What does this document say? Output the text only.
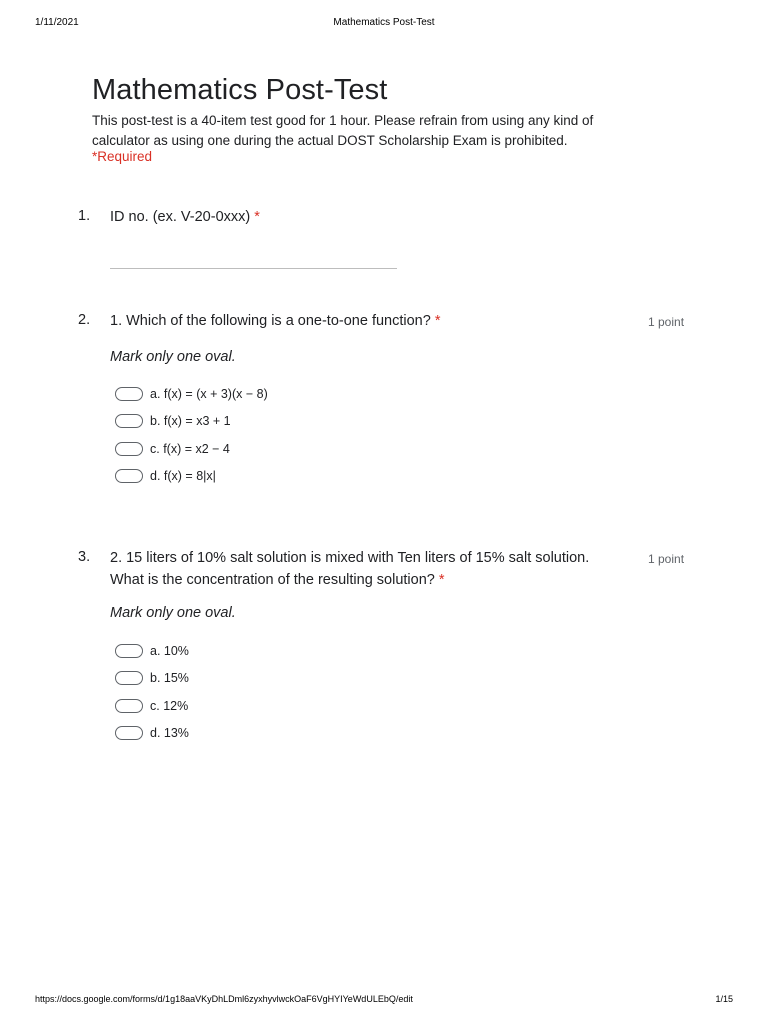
1/11/2021	Mathematics Post-Test
Mathematics Post-Test

This post-test is a 40-item test good for 1 hour. Please refrain from using any kind of calculator as using one during the actual DOST Scholarship Exam is prohibited.

*Required
1. ID no. (ex. V-20-0xxx) *
2. 1. Which of the following is a one-to-one function? *	1 point
Mark only one oval.
a. f(x) = (x + 3)(x − 8)
b. f(x) = x3 + 1
c. f(x) = x2 − 4
d. f(x) = 8|x|
3. 2. 15 liters of 10% salt solution is mixed with Ten liters of 15% salt solution.
What is the concentration of the resulting solution? *
1 point
Mark only one oval.
a. 10%
b. 15%
c. 12%
d. 13%
https://docs.google.com/forms/d/1g18aaVKyDhLDml6zyxhyvlwckOaF6VgHYIYeWdULEbQ/edit	1/15
